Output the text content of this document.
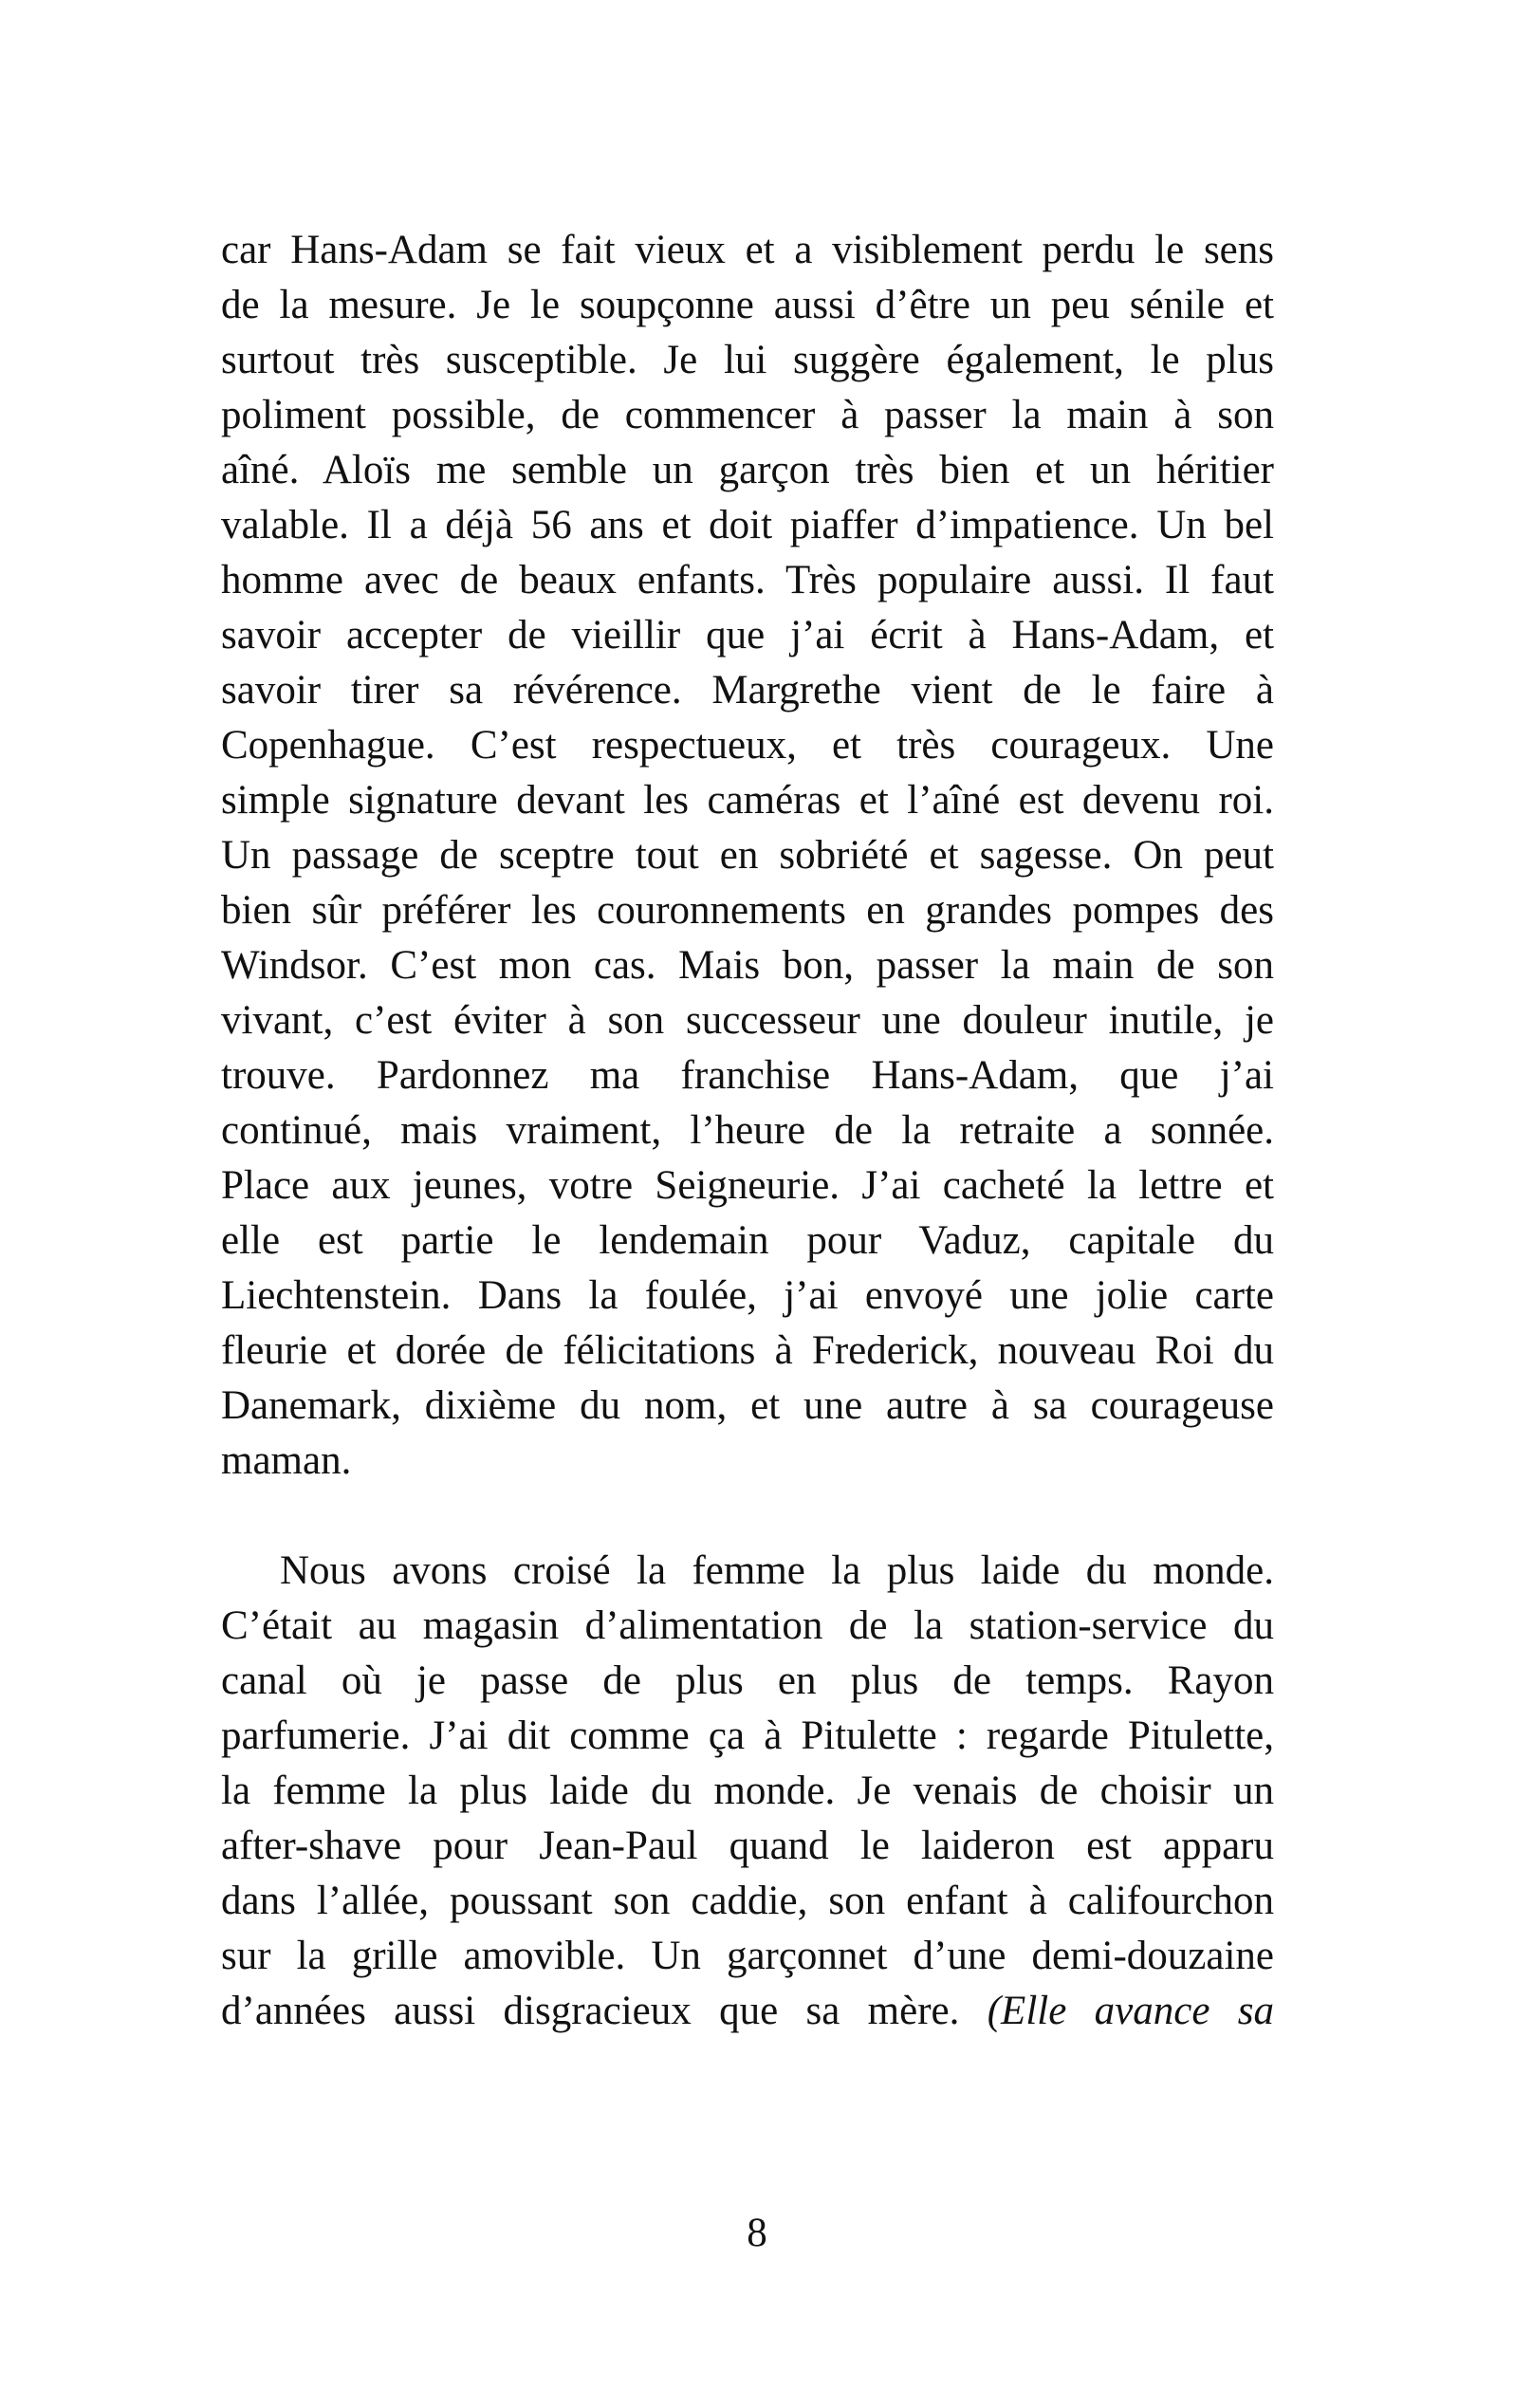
car Hans-Adam se fait vieux et a visiblement perdu le sens
de la mesure. Je le soupçonne aussi d’être un peu sénile et
surtout très susceptible. Je lui suggère également, le plus
poliment possible, de commencer à passer la main à son
aîné. Aloïs me semble un garçon très bien et un héritier
valable. Il a déjà 56 ans et doit piaffer d’impatience. Un bel
homme avec de beaux enfants. Très populaire aussi. Il faut
savoir accepter de vieillir que j’ai écrit à Hans-Adam, et
savoir tirer sa révérence. Margrethe vient de le faire à
Copenhague. C’est respectueux, et très courageux. Une
simple signature devant les caméras et l’aîné est devenu roi.
Un passage de sceptre tout en sobriété et sagesse. On peut
bien sûr préférer les couronnements en grandes pompes des
Windsor. C’est mon cas. Mais bon, passer la main de son
vivant, c’est éviter à son successeur une douleur inutile, je
trouve. Pardonnez ma franchise Hans-Adam, que j’ai
continué, mais vraiment, l’heure de la retraite a sonnée.
Place aux jeunes, votre Seigneurie. J’ai cacheté la lettre et
elle est partie le lendemain pour Vaduz, capitale du
Liechtenstein. Dans la foulée, j’ai envoyé une jolie carte
fleurie et dorée de félicitations à Frederick, nouveau Roi du
Danemark, dixième du nom, et une autre à sa courageuse
maman.
Nous avons croisé la femme la plus laide du monde.
C’était au magasin d’alimentation de la station-service du
canal où je passe de plus en plus de temps. Rayon
parfumerie. J’ai dit comme ça à Pitulette : regarde Pitulette,
la femme la plus laide du monde. Je venais de choisir un
after-shave pour Jean-Paul quand le laideron est apparu
dans l’allée, poussant son caddie, son enfant à califourchon
sur la grille amovible. Un garçonnet d’une demi-douzaine
d’années aussi disgracieux que sa mère. (Elle avance sa
8
